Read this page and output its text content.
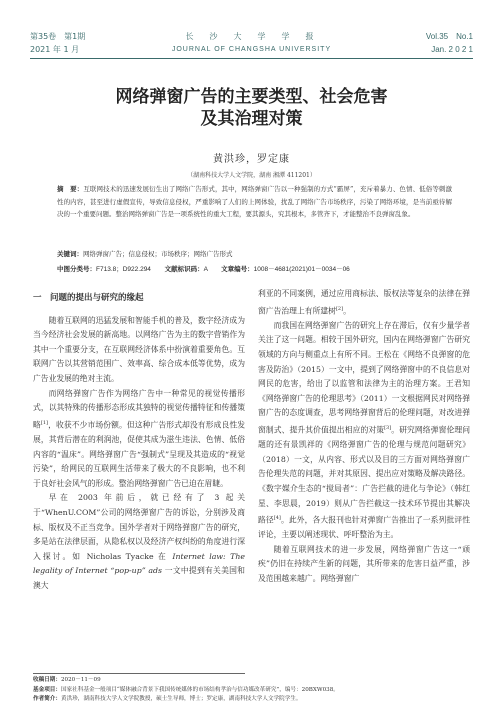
第35卷　第1期
2021 年 1 月
长　沙　大　学　学　报
JOURNAL OF CHANGSHA UNIVERSITY
Vol.35　No.1
Jan. 2 0 2 1
网络弹窗广告的主要类型、社会危害
及其治理对策
黄洪珍，罗定康
（湖南科技大学人文学院，湖南 湘潭 411201）
摘　要：互联网技术的迅速发展衍生出了网络广告形式，其中，网络弹窗广告以一种强制的方式“霸屏”，充斥着暴力、色情、低俗等刺激性的内容，甚至进行虚假宣传，导致信息侵权，严重影响了人们的上网体验，扰乱了网络广告市场秩序，污染了网络环境，是当前亟待解决的一个重要问题。整治网络弹窗广告是一项系统性的重大工程，要其源头，究其根本，多管齐下，才能整治不良弹窗乱象。
关键词：网络弹窗广告；信息侵权；市场秩序；网络广告形式
中图分类号：F713.8；D922.294 文献标识码：A 文章编号：1008－4681(2021)01－0034－06
一　问题的提出与研究的缘起

随着互联网的迅猛发展和智能手机的普及，数字经济成为当今经济社会发展的新高地。以网络广告为主的数字营销作为其中一个重要分支，在互联网经济体系中扮演着重要角色。互联网广告以其营销范围广、效率高、综合成本低等优势，成为广告业发展的绝对主流。

而网络弹窗广告作为网络广告中一种常见的视觉传播形式，以其特殊的传播形态形成其独特的视觉传播特征和传播策略[1]，收获不少市场份额。但这种广告形式却没有形成良性发展，其背后潜在的利润池，促使其成为滋生违法、色情、低俗内容的“温床”。网络弹窗广告“强制式”呈现及其造成的“视觉污染”，给网民的互联网生活带来了极大的不良影响，也不利于良好社会风气的形成。整治网络弹窗广告已迫在眉睫。

早在 2003 年前后，就已经有了 3 起关于“WhenU.COM”公司的网络弹窗广告的诉讼，分别涉及商标、版权及不正当竞争。国外学者对于网络弹窗广告的研究，多是站在法律层面，从隐私权以及经济产权纠纷的角度进行深入探讨。如 Nicholas Tyacke 在 Internet law: The legality of Internet “pop-up” ads 一文中提到有关美国和澳大

利亚的不同案例，通过应用商标法、版权法等复杂的法律在弹窗广告治理上有所建树[2]。

而我国在网络弹窗广告的研究上存在滞后，仅有少量学者关注了这一问题。相较于国外研究，国内在网络弹窗广告研究领域的方向与侧重点上有所不同。王松在《网络不良弹窗的危害及防治》（2015）一文中，提到了网络弹窗中的不良信息对网民的危害，给出了以监管和法律为主的治理方案。王君知《网络弹窗广告的伦理思考》（2011）一文根据网民对网络弹窗广告的态度调查，思考网络弹窗背后的伦理问题，对改进弹窗制式、提升其价值提出相应的对策[3]。研究网络弹窗伦理问题的还有景凯祥的《网络弹窗广告的伦理与规范问题研究》（2018）一文，从内容、形式以及目的三方面对网络弹窗广告伦理失范的问题，并对其原因、提出应对策略及解决路径。《数字媒介生态的“搅局者”：广告拦截的进化与争论》（韩红星、李思晨，2019）则从广告拦截这一技术环节提出其解决路径[4]。此外，各大报刊也针对弹窗广告推出了一系列批评性评论，主要以阐述现状、呼吁整治为主。

随着互联网技术的进一步发展，网络弹窗广告这一“顽疾”仍旧在持续产生新的问题，其所带来的危害日益严重，涉及范围越来越广。网络弹窗广

收稿日期：2020－11－09
基金项目：国家社科基金一般项目“媒体融合背景下我国传统媒体的市场结构孝治与信功媒改革研究”，编号：20BXW038。
作者简介：黄洪珍，湖南科技大学人文学院教授，硕士生导师，博士；罗定康，湖南科技大学人文学院学生。
